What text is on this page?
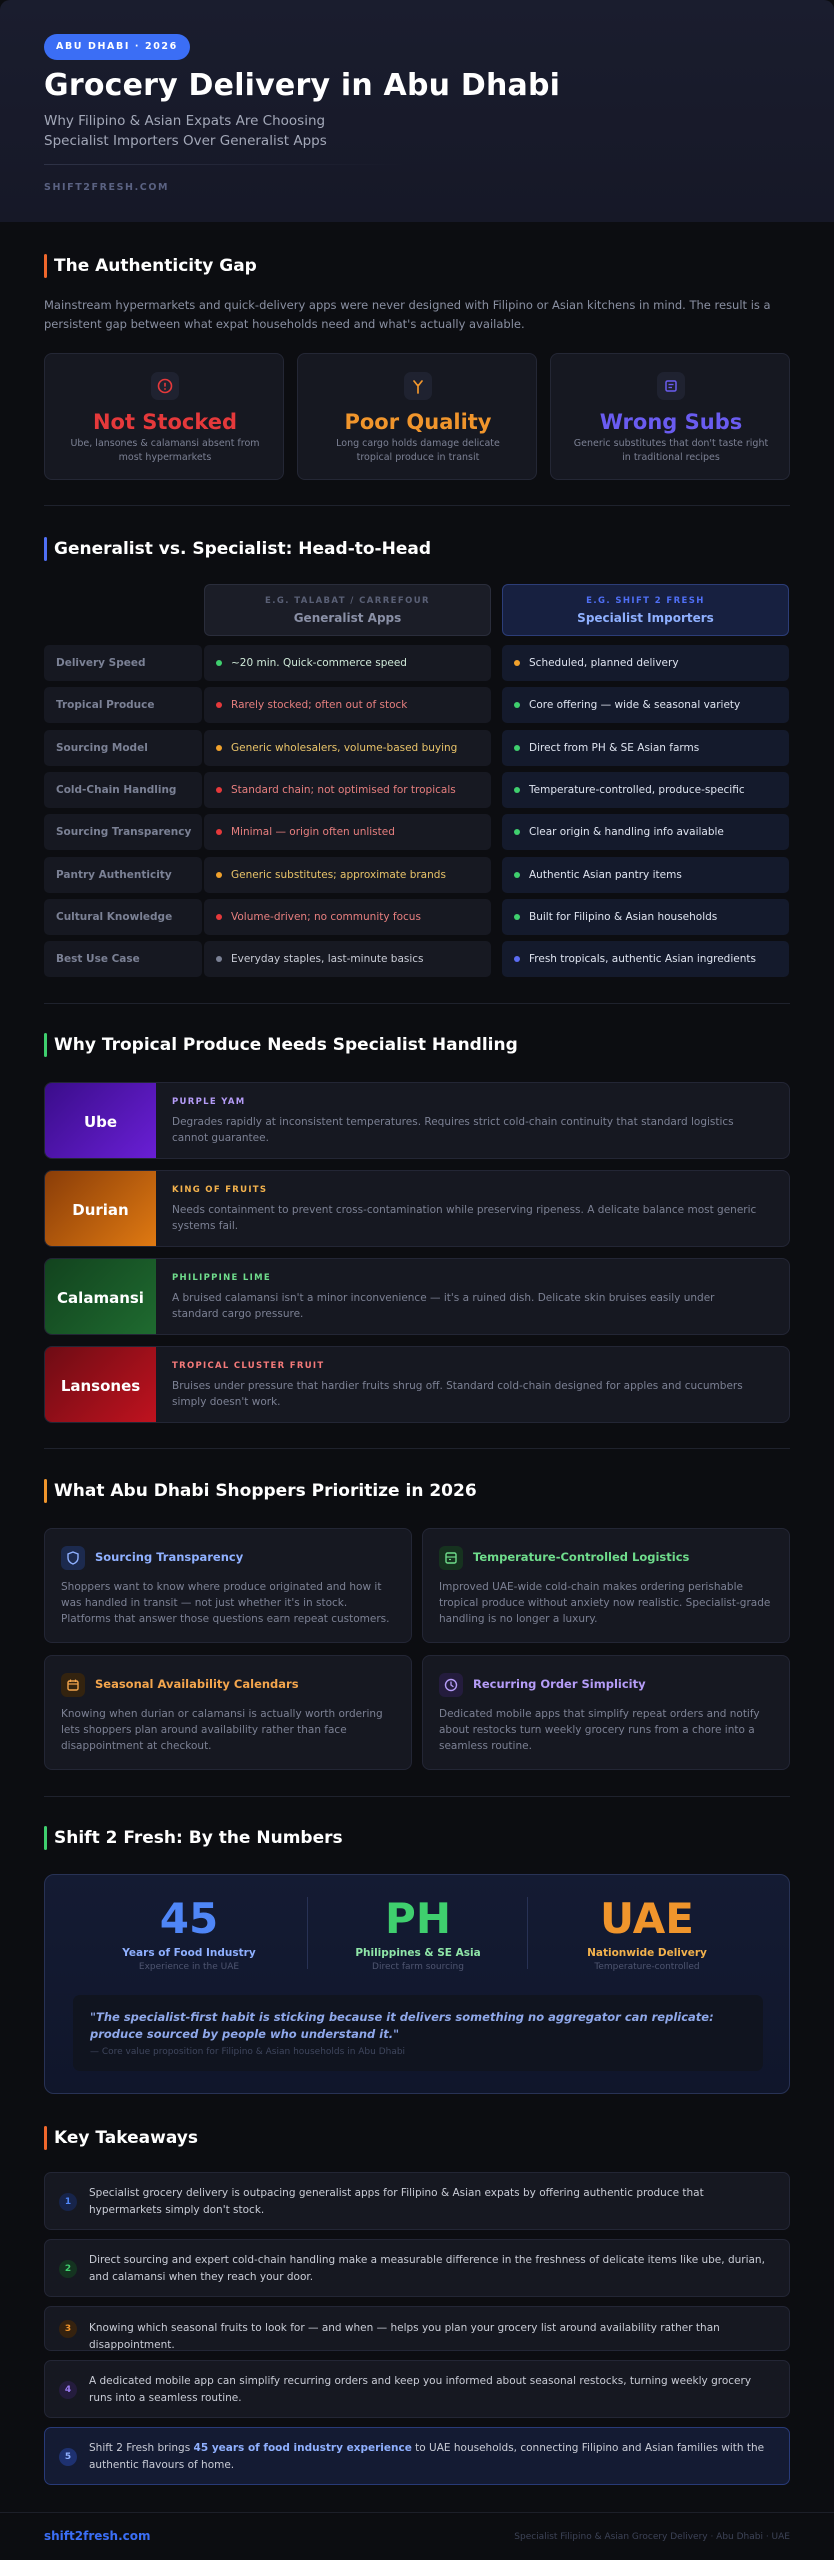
ABU DHABI · 2026
Grocery Delivery in Abu Dhabi
Why Filipino & Asian Expats Are Choosing Specialist Importers Over Generalist Apps
SHIFT2FRESH.COM
The Authenticity Gap
Mainstream hypermarkets and quick-delivery apps were never designed with Filipino or Asian kitchens in mind. The result is a persistent gap between what expat households need and what's actually available.
Not Stocked
Ube, lansones & calamansi absent from most hypermarkets
Poor Quality
Long cargo holds damage delicate tropical produce in transit
Wrong Subs
Generic substitutes that don't taste right in traditional recipes
Generalist vs. Specialist: Head-to-Head
E.G. TALABAT / CARREFOUR
Generalist Apps
E.G. SHIFT 2 FRESH
Specialist Importers
Delivery Speed	~20 min. Quick-commerce speed	Scheduled, planned delivery
Tropical Produce	Rarely stocked; often out of stock	Core offering — wide & seasonal variety
Sourcing Model	Generic wholesalers, volume-based buying	Direct from PH & SE Asian farms
Cold-Chain Handling	Standard chain; not optimised for tropicals	Temperature-controlled, produce-specific
Sourcing Transparency	Minimal — origin often unlisted	Clear origin & handling info available
Pantry Authenticity	Generic substitutes; approximate brands	Authentic Asian pantry items
Cultural Knowledge	Volume-driven; no community focus	Built for Filipino & Asian households
Best Use Case	Everyday staples, last-minute basics	Fresh tropicals, authentic Asian ingredients
Why Tropical Produce Needs Specialist Handling
Ube
PURPLE YAM
Degrades rapidly at inconsistent temperatures. Requires strict cold-chain continuity that standard logistics cannot guarantee.
Durian
KING OF FRUITS
Needs containment to prevent cross-contamination while preserving ripeness. A delicate balance most generic systems fail.
Calamansi
PHILIPPINE LIME
A bruised calamansi isn't a minor inconvenience — it's a ruined dish. Delicate skin bruises easily under standard cargo pressure.
Lansones
TROPICAL CLUSTER FRUIT
Bruises under pressure that hardier fruits shrug off. Standard cold-chain designed for apples and cucumbers simply doesn't work.
What Abu Dhabi Shoppers Prioritize in 2026
Sourcing Transparency
Shoppers want to know where produce originated and how it was handled in transit — not just whether it's in stock. Platforms that answer those questions earn repeat customers.
Temperature-Controlled Logistics
Improved UAE-wide cold-chain makes ordering perishable tropical produce without anxiety now realistic. Specialist-grade handling is no longer a luxury.
Seasonal Availability Calendars
Knowing when durian or calamansi is actually worth ordering lets shoppers plan around availability rather than face disappointment at checkout.
Recurring Order Simplicity
Dedicated mobile apps that simplify repeat orders and notify about restocks turn weekly grocery runs from a chore into a seamless routine.
Shift 2 Fresh: By the Numbers
45
Years of Food Industry
Experience in the UAE
PH
Philippines & SE Asia
Direct farm sourcing
UAE
Nationwide Delivery
Temperature-controlled
"The specialist-first habit is sticking because it delivers something no aggregator can replicate: produce sourced by people who understand it."
— Core value proposition for Filipino & Asian households in Abu Dhabi
Key Takeaways
1
Specialist grocery delivery is outpacing generalist apps for Filipino & Asian expats by offering authentic produce that hypermarkets simply don't stock.
2
Direct sourcing and expert cold-chain handling make a measurable difference in the freshness of delicate items like ube, durian, and calamansi when they reach your door.
3	Knowing which seasonal fruits to look for — and when — helps you plan your grocery list around availability rather than disappointment.
4
A dedicated mobile app can simplify recurring orders and keep you informed about seasonal restocks, turning weekly grocery runs into a seamless routine.
5
Shift 2 Fresh brings 45 years of food industry experience to UAE households, connecting Filipino and Asian families with the authentic flavours of home.
shift2fresh.com	Specialist Filipino & Asian Grocery Delivery · Abu Dhabi · UAE
